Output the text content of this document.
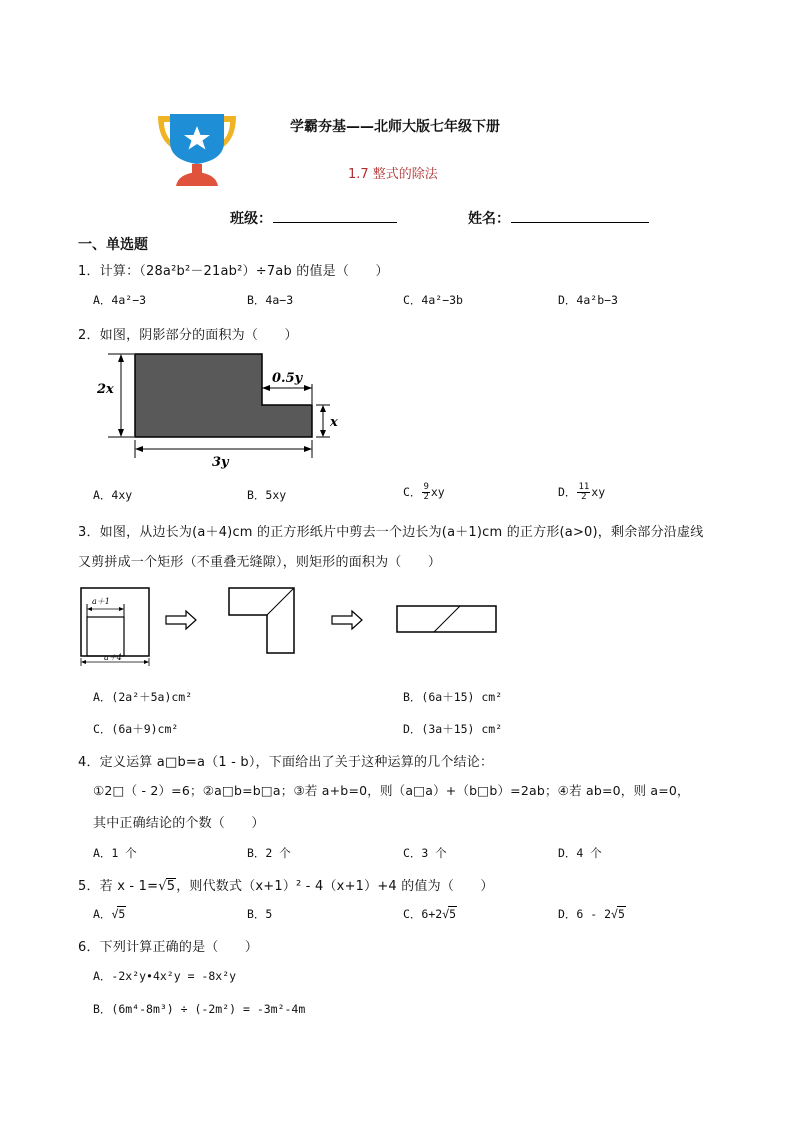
学霸夯基——北师大版七年级下册
1.7 整式的除法
班级：	姓名：
一、单选题
1．计算：（28a²b²－21ab²）÷7ab 的值是（　　）
A．4a²−3	B．4a−3	C．4a²−3b	D．4a²b−3
2．如图，阴影部分的面积为（　　）
2x
0.5y
x
3y
A．4xy	B．5xy	C． $\frac{9}{2}$ xy	D． $\frac{11}{2}$ xy
3．如图，从边长为(a＋4)cm 的正方形纸片中剪去一个边长为(a＋1)cm 的正方形(a>0)，剩余部分沿虚线
又剪拼成一个矩形（不重叠无缝隙），则矩形的面积为（　　）
a＋1
a＋4
A．(2a²＋5a)cm²	B．(6a＋15) cm²
C．(6a＋9)cm²	D．(3a＋15) cm²
4．定义运算 a□b=a（1 - b），下面给出了关于这种运算的几个结论：
①2□（ - 2）=6；②a□b=b□a；③若 a+b=0，则（a□a）+（b□b）=2ab；④若 ab=0，则 a=0，
其中正确结论的个数（　　）
A．1 个	B．2 个	C．3 个	D．4 个
5．若 x - 1=√5，则代数式（x+1）² - 4（x+1）+4 的值为（　　）
A．√5	B．5	C．6+2√5	D．6 - 2√5
6．下列计算正确的是（　　）
A．-2x²y•4x²y = -8x²y
B．(6m⁴-8m³) ÷ (-2m²) = -3m²-4m
